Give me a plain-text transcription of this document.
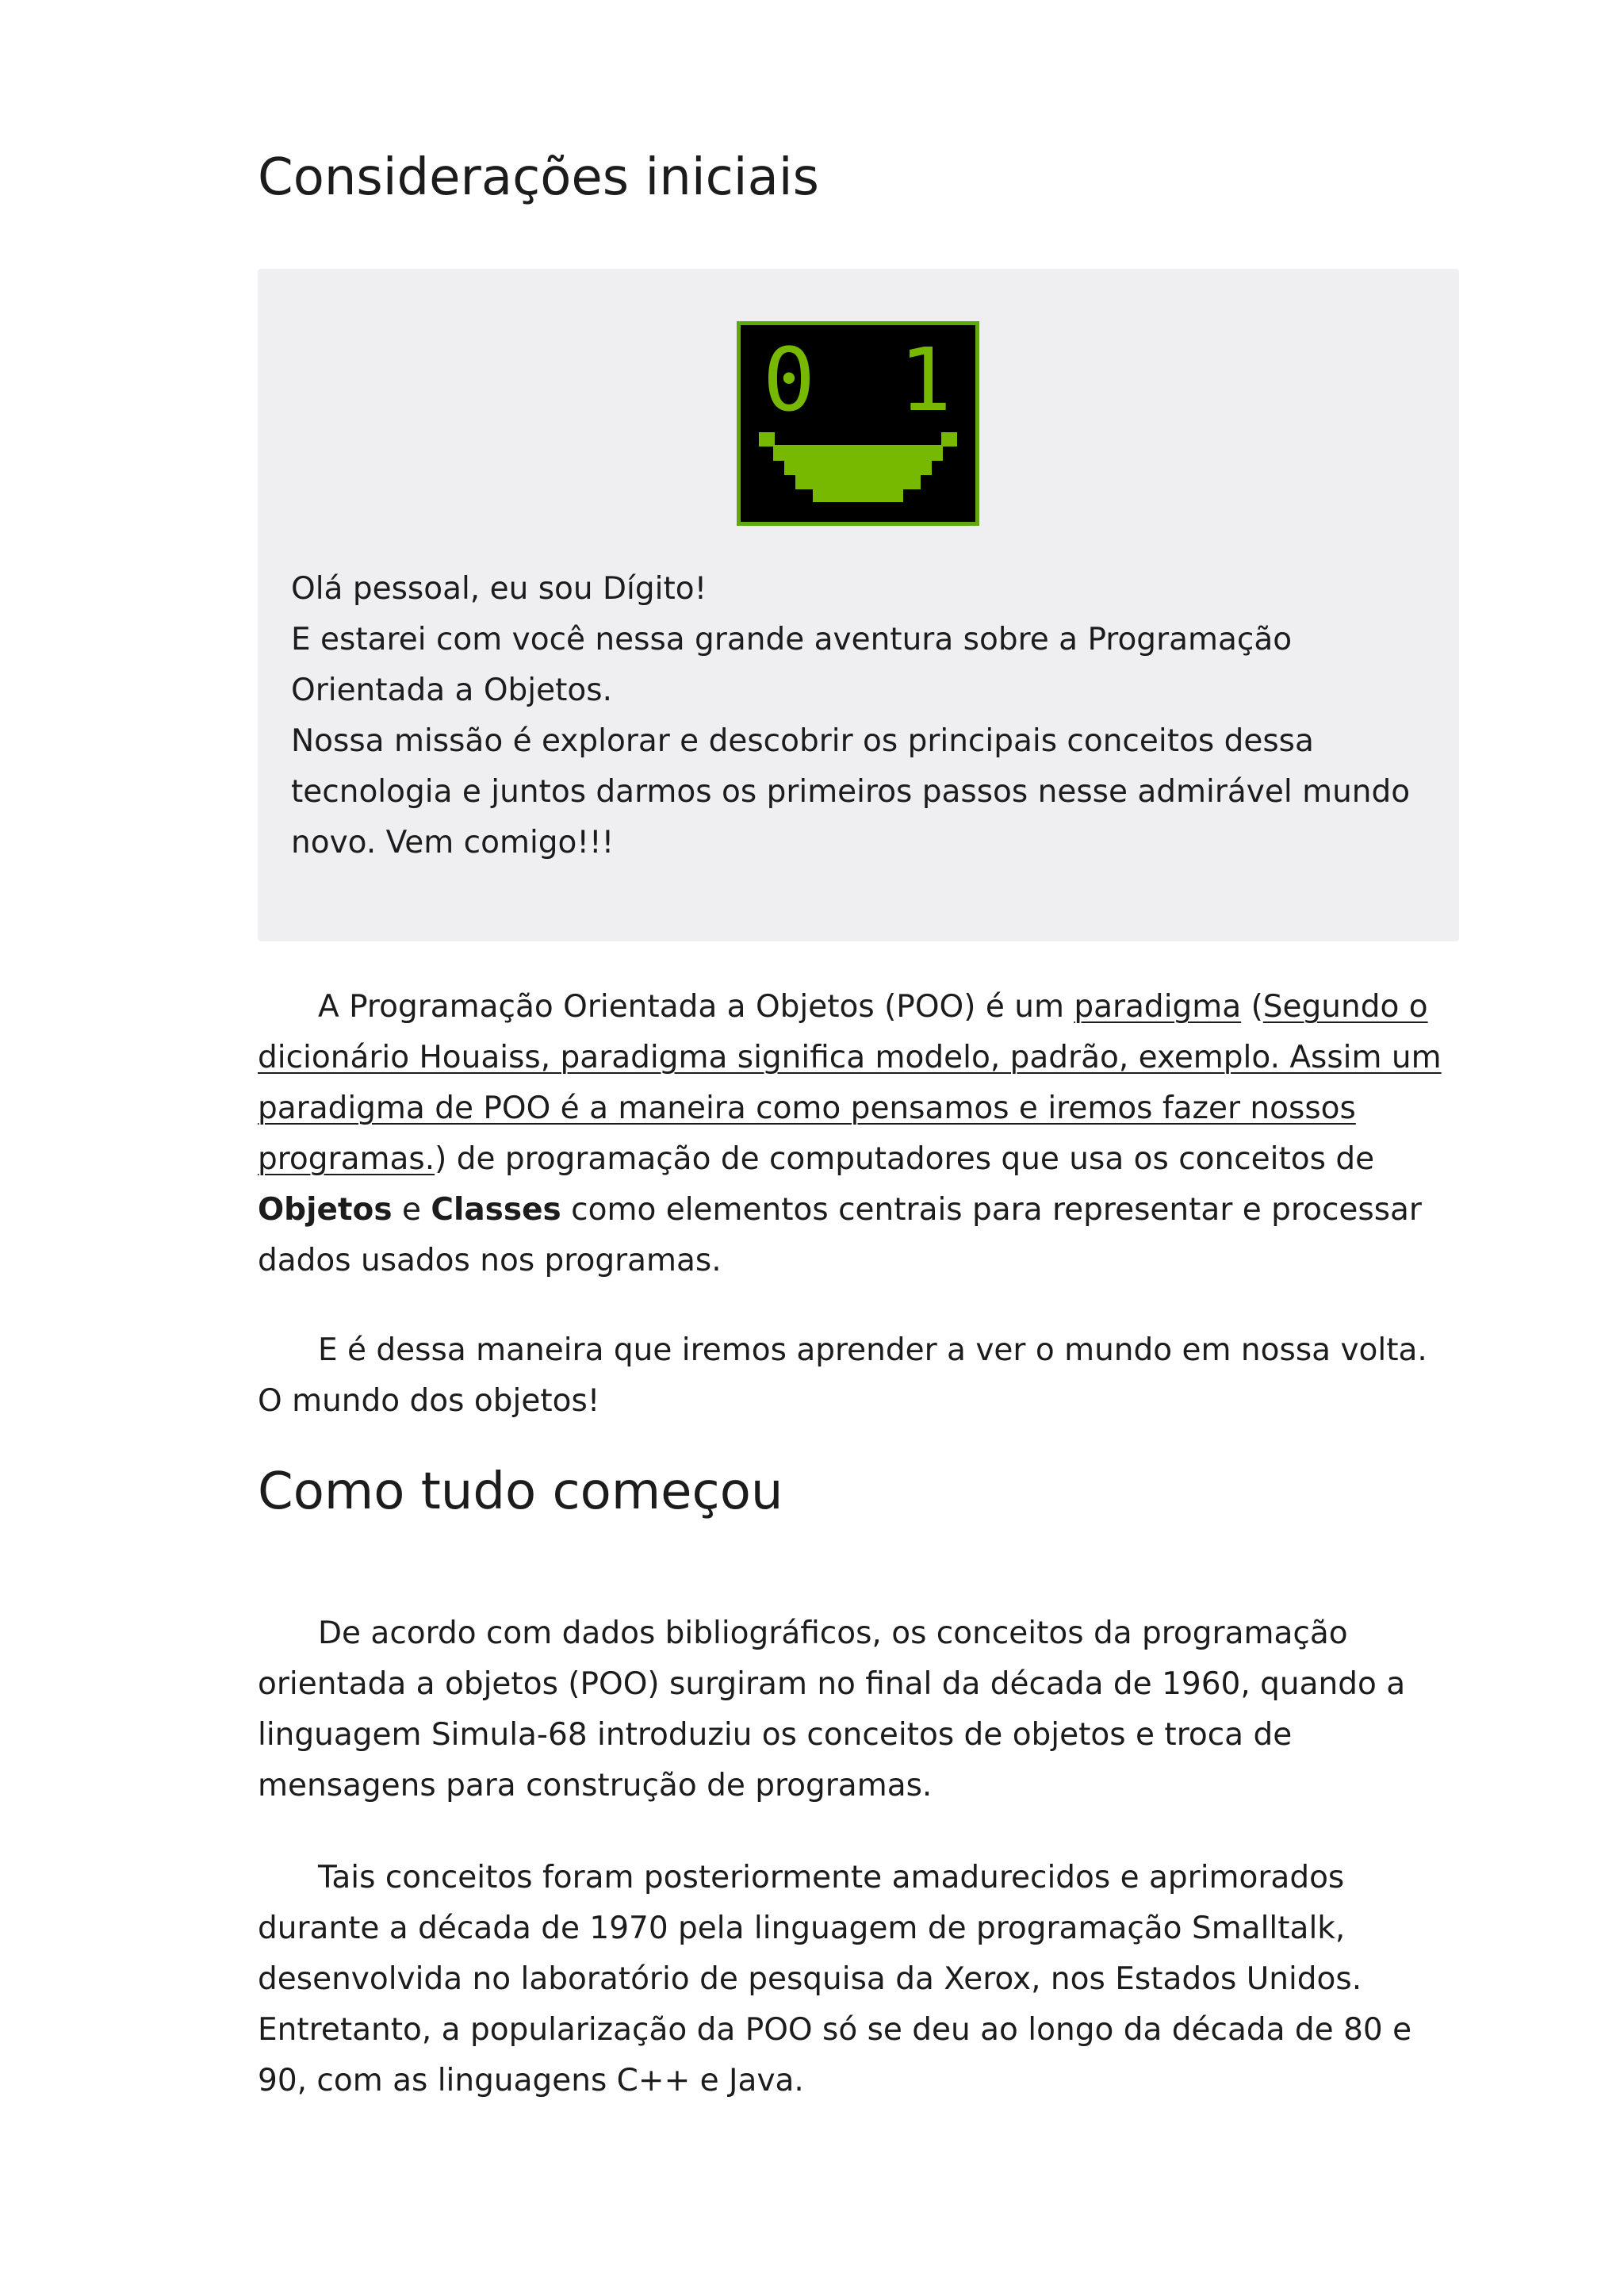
Considerações iniciais
0 1

Olá pessoal, eu sou Dígito!

E estarei com você nessa grande aventura sobre a Programação Orientada a Objetos.

Nossa missão é explorar e descobrir os principais conceitos dessa tecnologia e juntos darmos os primeiros passos nesse admirável mundo novo. Vem comigo!!!

A Programação Orientada a Objetos (POO) é um paradigma (Segundo o dicionário Houaiss, paradigma significa modelo, padrão, exemplo. Assim um paradigma de POO é a maneira como pensamos e iremos fazer nossos programas.) de programação de computadores que usa os conceitos de Objetos e Classes como elementos centrais para representar e processar dados usados nos programas.

E é dessa maneira que iremos aprender a ver o mundo em nossa volta. O mundo dos objetos!

Como tudo começou

De acordo com dados bibliográficos, os conceitos da programação orientada a objetos (POO) surgiram no final da década de 1960, quando a linguagem Simula-68 introduziu os conceitos de objetos e troca de mensagens para construção de programas.

Tais conceitos foram posteriormente amadurecidos e aprimorados durante a década de 1970 pela linguagem de programação Smalltalk, desenvolvida no laboratório de pesquisa da Xerox, nos Estados Unidos. Entretanto, a popularização da POO só se deu ao longo da década de 80 e 90, com as linguagens C++ e Java.
